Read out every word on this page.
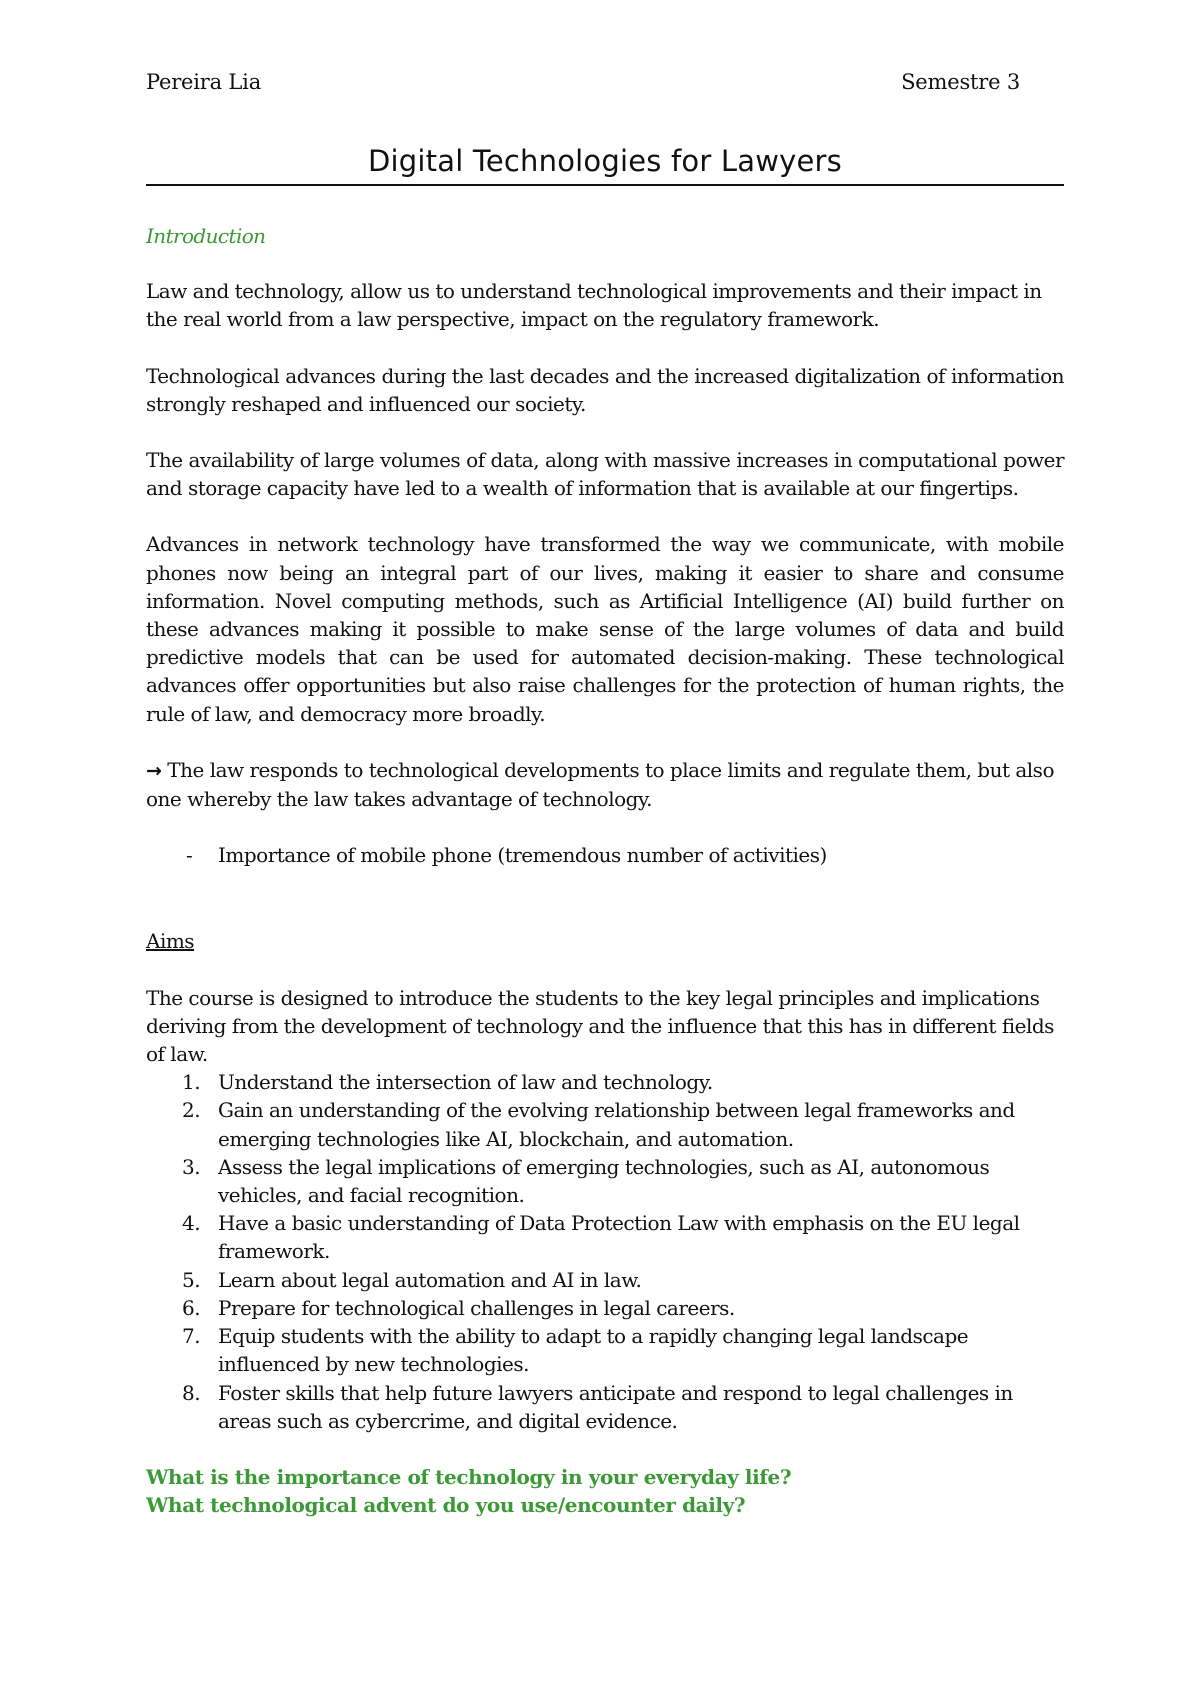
Pereira Lia	Semestre 3
Digital Technologies for Lawyers
Introduction

Law and technology, allow us to understand technological improvements and their impact in the real world from a law perspective, impact on the regulatory framework.

Technological advances during the last decades and the increased digitalization of information strongly reshaped and influenced our society.

The availability of large volumes of data, along with massive increases in computational power and storage capacity have led to a wealth of information that is available at our fingertips.

Advances in network technology have transformed the way we communicate, with mobile phones now being an integral part of our lives, making it easier to share and consume information. Novel computing methods, such as Artificial Intelligence (AI) build further on these advances making it possible to make sense of the large volumes of data and build predictive models that can be used for automated decision-making. These technological advances offer opportunities but also raise challenges for the protection of human rights, the rule of law, and democracy more broadly.

→ The law responds to technological developments to place limits and regulate them, but also one whereby the law takes advantage of technology.

- Importance of mobile phone (tremendous number of activities)
Aims

The course is designed to introduce the students to the key legal principles and implications deriving from the development of technology and the influence that this has in different fields of law.

1. Understand the intersection of law and technology.
2. Gain an understanding of the evolving relationship between legal frameworks and emerging technologies like AI, blockchain, and automation.
3. Assess the legal implications of emerging technologies, such as AI, autonomous vehicles, and facial recognition.
4. Have a basic understanding of Data Protection Law with emphasis on the EU legal framework.
5. Learn about legal automation and AI in law.
6. Prepare for technological challenges in legal careers.
7. Equip students with the ability to adapt to a rapidly changing legal landscape influenced by new technologies.
8. Foster skills that help future lawyers anticipate and respond to legal challenges in areas such as cybercrime, and digital evidence.
What is the importance of technology in your everyday life?
What technological advent do you use/encounter daily?
